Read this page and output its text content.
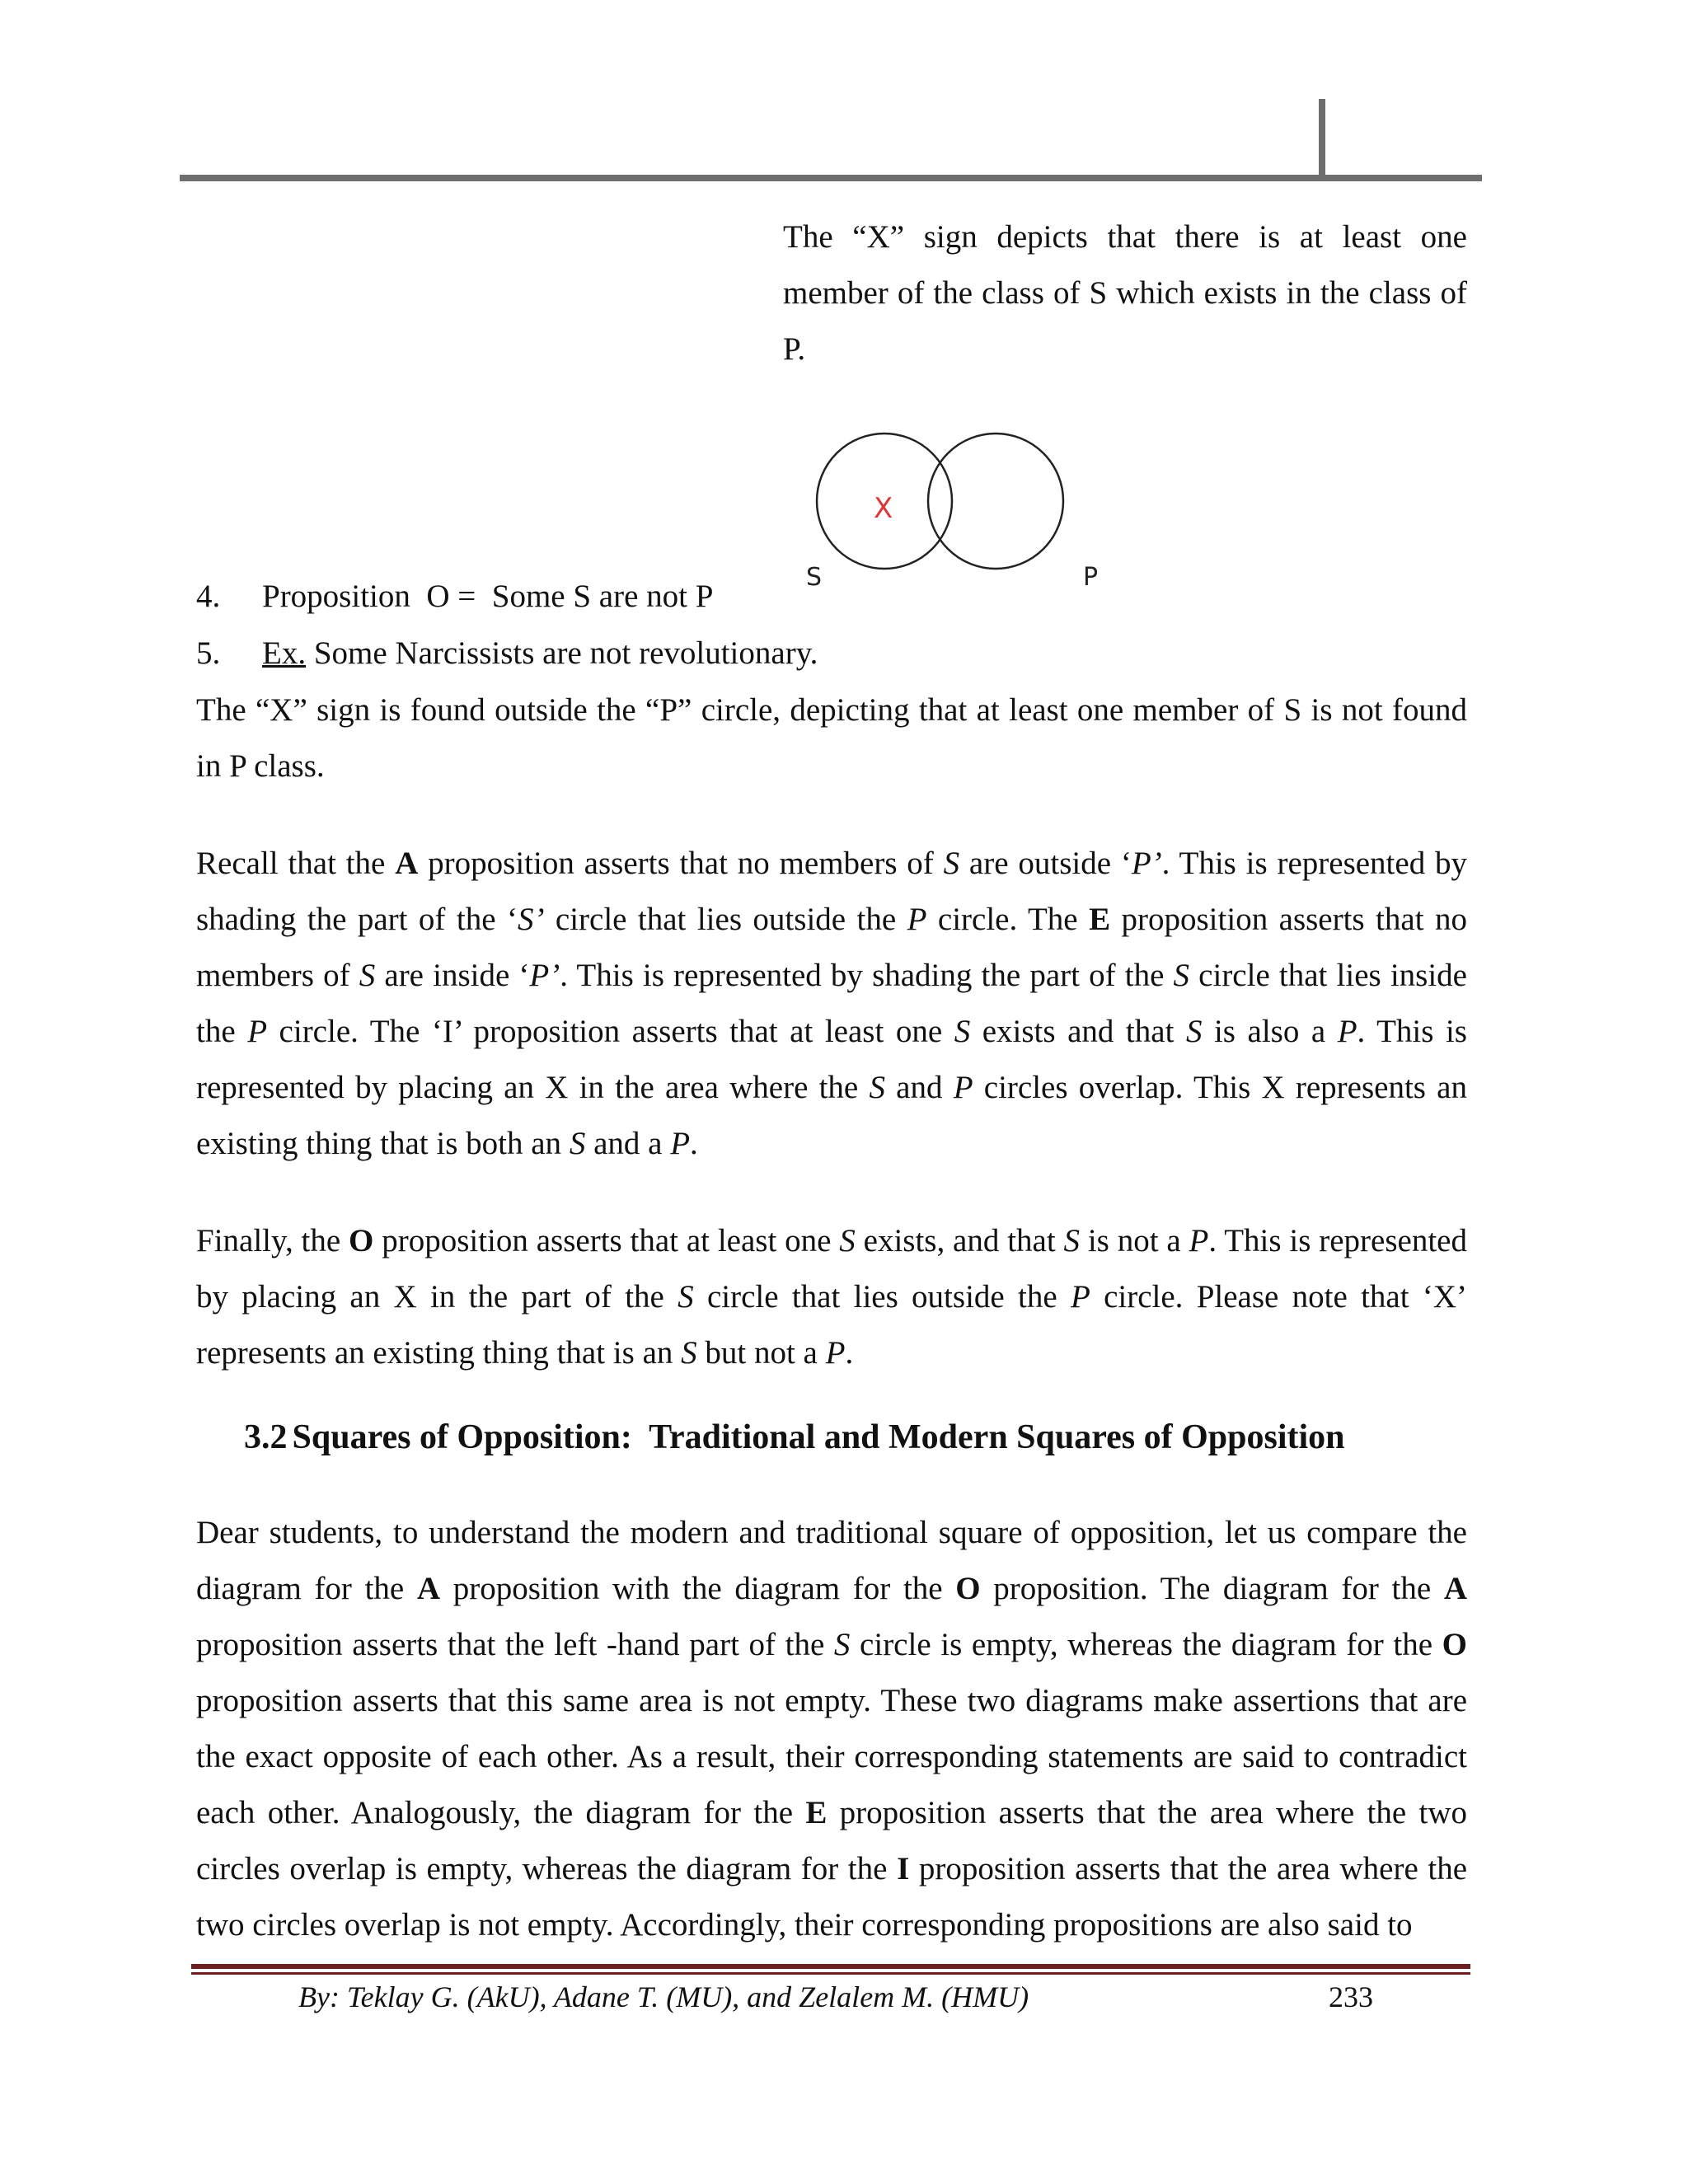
The “X” sign depicts that there is at least one member of the class of S which exists in the class of P.

X
S	P

4. Proposition  O =  Some S are not P

5. Ex. Some Narcissists are not revolutionary.

The “X” sign is found outside the “P” circle, depicting that at least one member of S is not found in P class.

Recall that the A proposition asserts that no members of S are outside ‘P’. This is represented by shading the part of the ‘S’ circle that lies outside the P circle. The E proposition asserts that no members of S are inside ‘P’. This is represented by shading the part of the S circle that lies inside the P circle. The ‘I’ proposition asserts that at least one S exists and that S is also a P. This is represented by placing an X in the area where the S and P circles overlap. This X represents an existing thing that is both an S and a P.

Finally, the O proposition asserts that at least one S exists, and that S is not a P. This is represented by placing an X in the part of the S circle that lies outside the P circle. Please note that ‘X’ represents an existing thing that is an S but not a P.

3.2 Squares of Opposition:  Traditional and Modern Squares of Opposition

Dear students, to understand the modern and traditional square of opposition, let us compare the diagram for the A proposition with the diagram for the O proposition. The diagram for the A proposition asserts that the left -hand part of the S circle is empty, whereas the diagram for the O proposition asserts that this same area is not empty. These two diagrams make assertions that are the exact opposite of each other. As a result, their corresponding statements are said to contradict each other. Analogously, the diagram for the E proposition asserts that the area where the two circles overlap is empty, whereas the diagram for the I proposition asserts that the area where the two circles overlap is not empty. Accordingly, their corresponding propositions are also said to

By: Teklay G. (AkU), Adane T. (MU), and Zelalem M. (HMU)	233
